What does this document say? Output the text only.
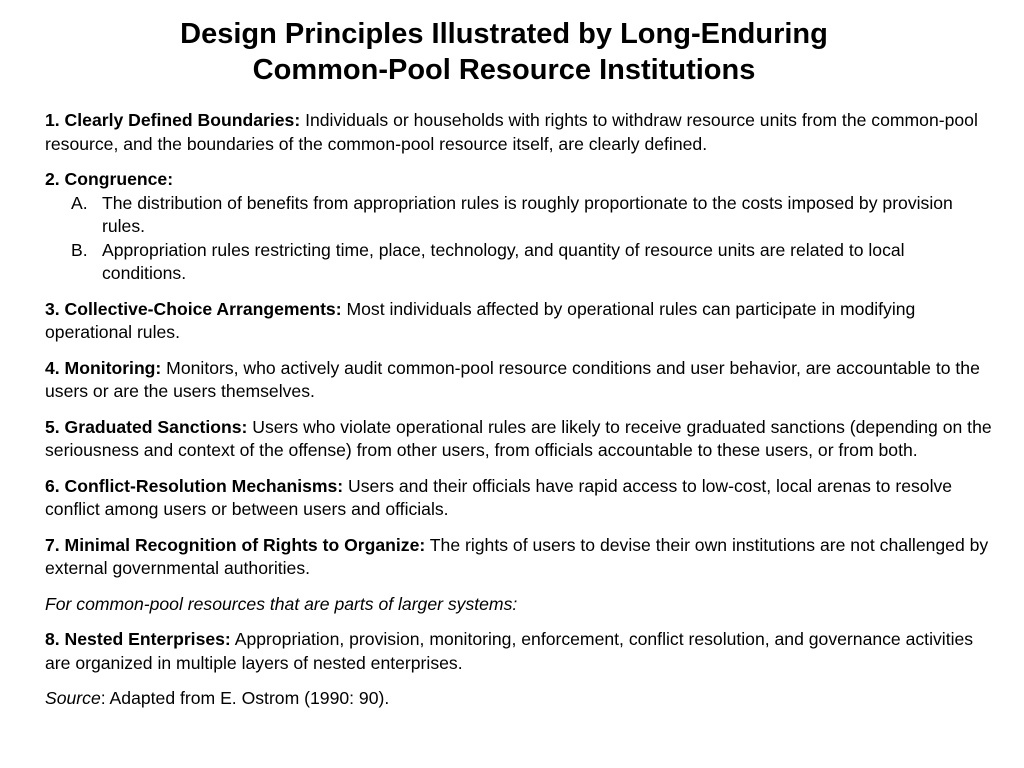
Design Principles Illustrated by Long-Enduring
Common-Pool Resource Institutions

1. Clearly Defined Boundaries: Individuals or households with rights to withdraw resource units from the common-pool resource, and the boundaries of the common-pool resource itself, are clearly defined.

2. Congruence:
A. The distribution of benefits from appropriation rules is roughly proportionate to the costs imposed by provision rules.
B. Appropriation rules restricting time, place, technology, and quantity of resource units are related to local conditions.

3. Collective-Choice Arrangements: Most individuals affected by operational rules can participate in modifying operational rules.

4. Monitoring: Monitors, who actively audit common-pool resource conditions and user behavior, are accountable to the users or are the users themselves.

5. Graduated Sanctions: Users who violate operational rules are likely to receive graduated sanctions (depending on the seriousness and context of the offense) from other users, from officials accountable to these users, or from both.

6. Conflict-Resolution Mechanisms: Users and their officials have rapid access to low-cost, local arenas to resolve conflict among users or between users and officials.

7. Minimal Recognition of Rights to Organize: The rights of users to devise their own institutions are not challenged by external governmental authorities.

For common-pool resources that are parts of larger systems:

8. Nested Enterprises: Appropriation, provision, monitoring, enforcement, conflict resolution, and governance activities are organized in multiple layers of nested enterprises.

Source: Adapted from E. Ostrom (1990: 90).
